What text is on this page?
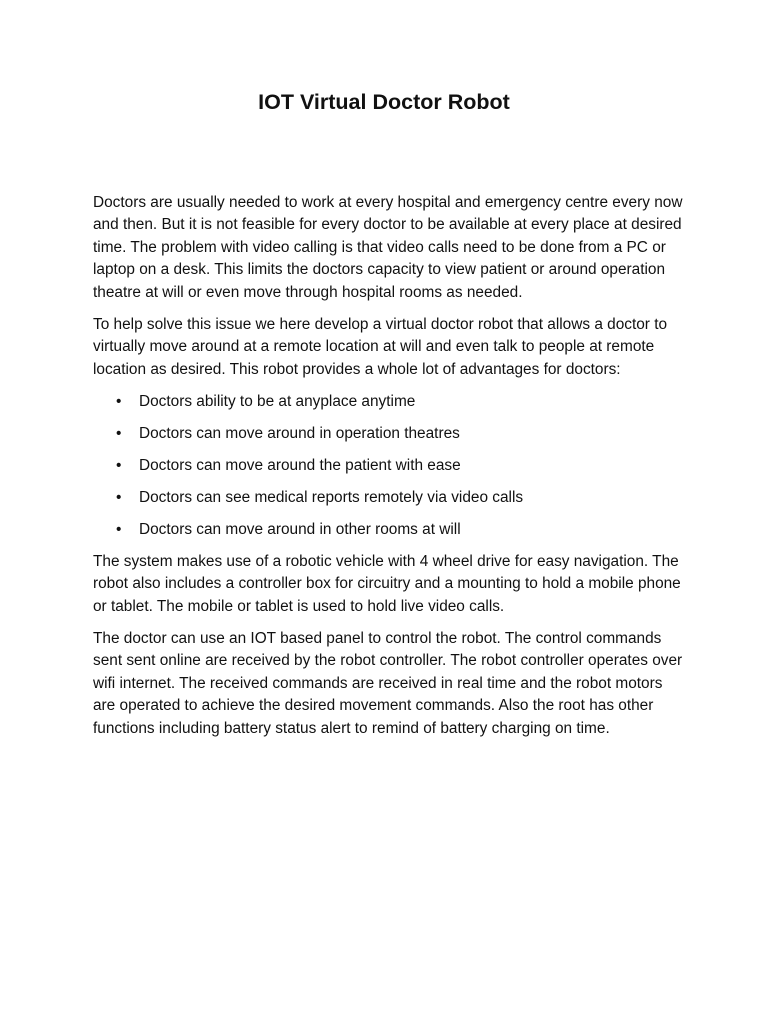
IOT Virtual Doctor Robot

Doctors are usually needed to work at every hospital and emergency centre every now and then. But it is not feasible for every doctor to be available at every place at desired time. The problem with video calling is that video calls need to be done from a PC or laptop on a desk. This limits the doctors capacity to view patient or around operation theatre at will or even move through hospital rooms as needed.

To help solve this issue we here develop a virtual doctor robot that allows a doctor to virtually move around at a remote location at will and even talk to people at remote location as desired. This robot provides a whole lot of advantages for doctors:

• Doctors ability to be at anyplace anytime
• Doctors can move around in operation theatres
• Doctors can move around the patient with ease
• Doctors can see medical reports remotely via video calls
• Doctors can move around in other rooms at will

The system makes use of a robotic vehicle with 4 wheel drive for easy navigation. The robot also includes a controller box for circuitry and a mounting to hold a mobile phone or tablet. The mobile or tablet is used to hold live video calls.

The doctor can use an IOT based panel to control the robot. The control commands sent sent online are received by the robot controller. The robot controller operates over wifi internet. The received commands are received in real time and the robot motors are operated to achieve the desired movement commands. Also the root has other functions including battery status alert to remind of battery charging on time.
